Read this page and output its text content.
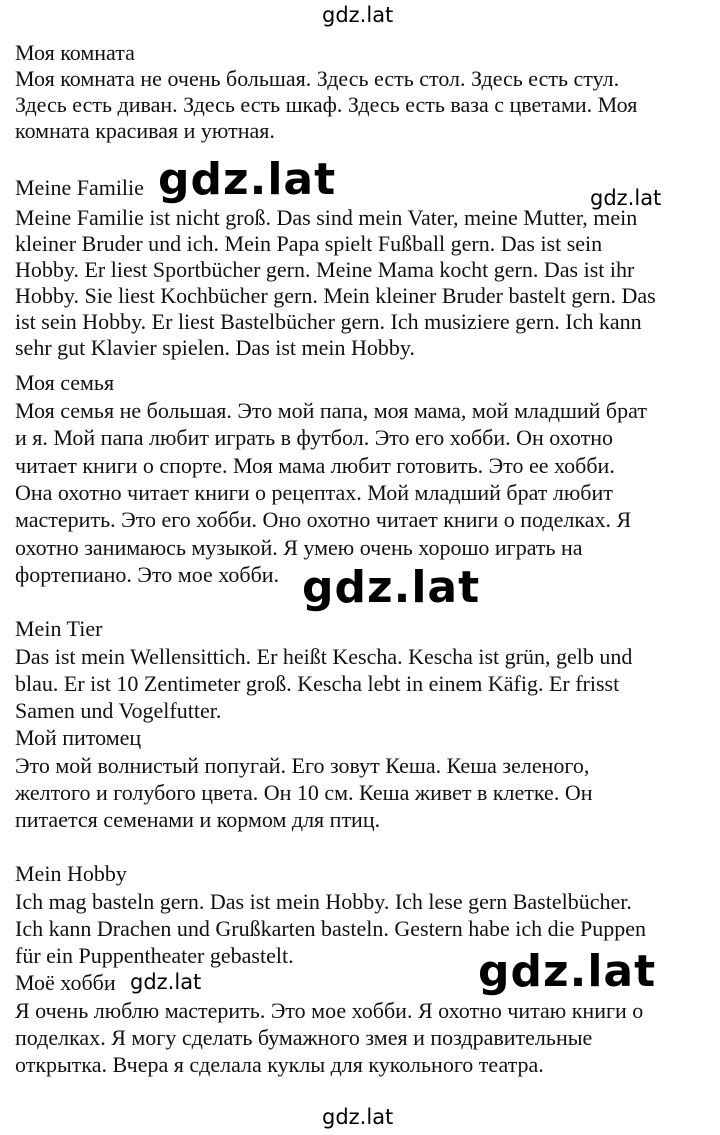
Моя комната
Моя комната не очень большая. Здесь есть стол. Здесь есть стул.
Здесь есть диван. Здесь есть шкаф. Здесь есть ваза с цветами. Моя
комната красивая и уютная.
Meine Familie
Meine Familie ist nicht groß. Das sind mein Vater, meine Mutter, mein
kleiner Bruder und ich. Mein Papa spielt Fußball gern. Das ist sein
Hobby. Er liest Sportbücher gern. Meine Mama kocht gern. Das ist ihr
Hobby. Sie liest Kochbücher gern. Mein kleiner Bruder bastelt gern. Das
ist sein Hobby. Er liest Bastelbücher gern. Ich musiziere gern. Ich kann
sehr gut Klavier spielen. Das ist mein Hobby.
Моя семья
Моя семья не большая. Это мой папа, моя мама, мой младший брат
и я. Мой папа любит играть в футбол. Это его хобби. Он охотно
читает книги о спорте. Моя мама любит готовить. Это ее хобби.
Она охотно читает книги о рецептах. Мой младший брат любит
мастерить. Это его хобби. Оно охотно читает книги о поделках. Я
охотно занимаюсь музыкой. Я умею очень хорошо играть на
фортепиано. Это мое хобби.
Mein Tier
Das ist mein Wellensittich. Er heißt Kescha. Kescha ist grün, gelb und
blau. Er ist 10 Zentimeter groß. Kescha lebt in einem Käfig. Er frisst
Samen und Vogelfutter.
Мой питомец
Это мой волнистый попугай. Его зовут Кеша. Кеша зеленого,
желтого и голубого цвета. Он 10 см. Кеша живет в клетке. Он
питается семенами и кормом для птиц.
Mein Hobby
Ich mag basteln gern. Das ist mein Hobby. Ich lese gern Bastelbücher.
Ich kann Drachen und Grußkarten basteln. Gestern habe ich die Puppen
für ein Puppentheater gebastelt.
Моё хобби
Я очень люблю мастерить. Это мое хобби. Я охотно читаю книги о
поделках. Я могу сделать бумажного змея и поздравительные
открытка. Вчера я сделала куклы для кукольного театра.
gdz.lat
gdz.lat	gdz.lat
gdz.lat
gdz.lat
gdz.lat
gdz.lat
